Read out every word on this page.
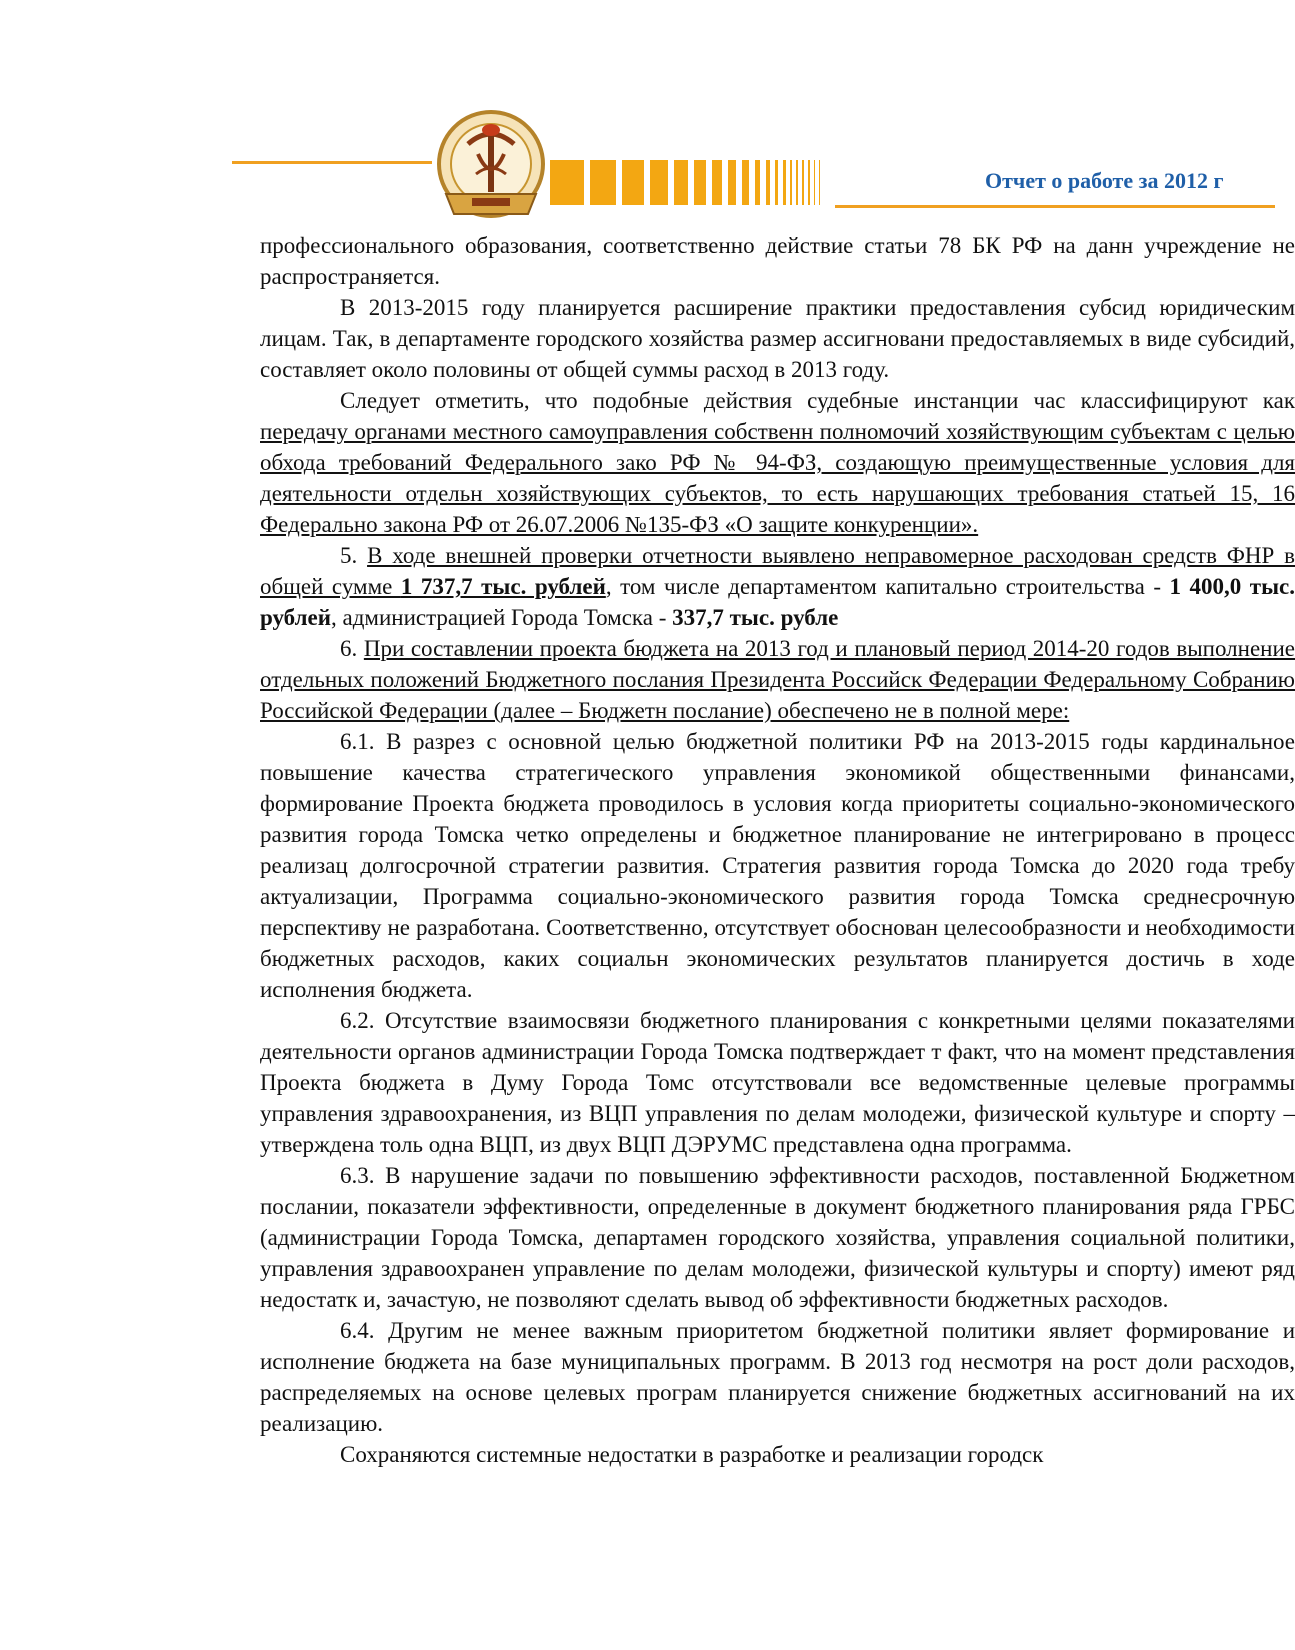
Отчет о работе за 2012 г

профессионального образования, соответственно действие статьи 78 БК РФ на данн учреждение не распространяется.

В 2013-2015 году планируется расширение практики предоставления субсид юридическим лицам. Так, в департаменте городского хозяйства размер ассигновани предоставляемых в виде субсидий, составляет около половины от общей суммы расход в 2013 году.

Следует отметить, что подобные действия судебные инстанции час классифицируют как передачу органами местного самоуправления собственн полномочий хозяйствующим субъектам с целью обхода требований Федерального зако РФ № 94-ФЗ, создающую преимущественные условия для деятельности отдельн хозяйствующих субъектов, то есть нарушающих требования статьей 15, 16 Федерально закона РФ от 26.07.2006 №135-ФЗ «О защите конкуренции».

5. В ходе внешней проверки отчетности выявлено неправомерное расходован средств ФНР в общей сумме 1 737,7 тыс. рублей, том числе департаментом капитально строительства - 1 400,0 тыс. рублей, администрацией Города Томска - 337,7 тыс. рубле

6. При составлении проекта бюджета на 2013 год и плановый период 2014-20 годов выполнение отдельных положений Бюджетного послания Президента Российск Федерации Федеральному Собранию Российской Федерации (далее – Бюджетн послание) обеспечено не в полной мере:

6.1. В разрез с основной целью бюджетной политики РФ на 2013-2015 годы кардинальное повышение качества стратегического управления экономикой общественными финансами, формирование Проекта бюджета проводилось в условия когда приоритеты социально-экономического развития города Томска четко определены и бюджетное планирование не интегрировано в процесс реализац долгосрочной стратегии развития. Стратегия развития города Томска до 2020 года требу актуализации, Программа социально-экономического развития города Томска среднесрочную перспективу не разработана. Соответственно, отсутствует обоснован целесообразности и необходимости бюджетных расходов, каких социальн экономических результатов планируется достичь в ходе исполнения бюджета.

6.2. Отсутствие взаимосвязи бюджетного планирования с конкретными целями показателями деятельности органов администрации Города Томска подтверждает т факт, что на момент представления Проекта бюджета в Думу Города Томс отсутствовали все ведомственные целевые программы управления здравоохранения, из ВЦП управления по делам молодежи, физической культуре и спорту – утверждена толь одна ВЦП, из двух ВЦП ДЭРУМС представлена одна программа.

6.3. В нарушение задачи по повышению эффективности расходов, поставленной Бюджетном послании, показатели эффективности, определенные в документ бюджетного планирования ряда ГРБС (администрации Города Томска, департамен городского хозяйства, управления социальной политики, управления здравоохранен управление по делам молодежи, физической культуры и спорту) имеют ряд недостатк и, зачастую, не позволяют сделать вывод об эффективности бюджетных расходов.

6.4. Другим не менее важным приоритетом бюджетной политики являет формирование и исполнение бюджета на базе муниципальных программ. В 2013 год несмотря на рост доли расходов, распределяемых на основе целевых програм планируется снижение бюджетных ассигнований на их реализацию.

Сохраняются системные недостатки в разработке и реализации городск
